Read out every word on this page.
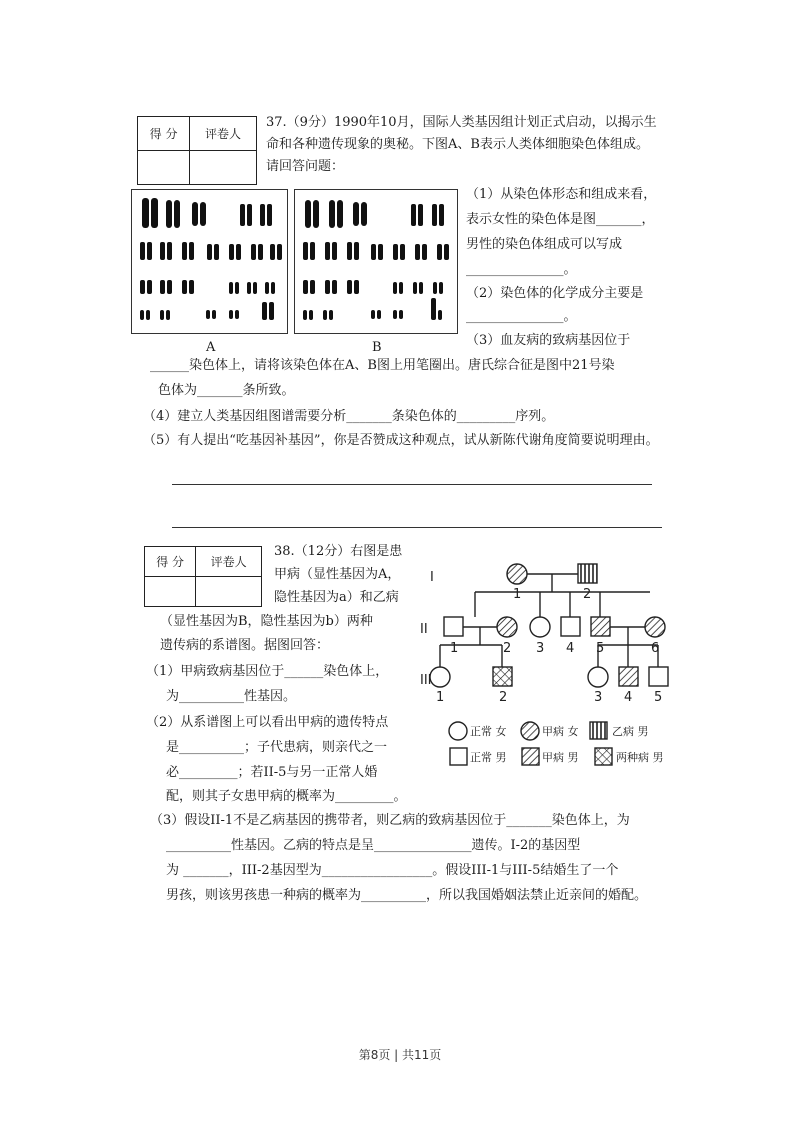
得 分	评卷人

37.（9分）1990年10月，国际人类基因组计划正式启动，以揭示生
命和各种遗传现象的奥秘。下图A、B表示人类体细胞染色体组成。
请回答问题：
A	B
（1）从染色体形态和组成来看，
表示女性的染色体是图_______，
男性的染色体组成可以写成
_______________。
（2）染色体的化学成分主要是
_______________。
（3）血友病的致病基因位于
______染色体上，请将该染色体在A、B图上用笔圈出。唐氏综合征是图中21号染
色体为_______条所致。
（4）建立人类基因组图谱需要分析_______条染色体的_________序列。
（5）有人提出“吃基因补基因”，你是否赞成这种观点，试从新陈代谢角度简要说明理由。
得 分	评卷人

38.（12分）右图是患
甲病（显性基因为A，
隐性基因为a）和乙病
（显性基因为B，隐性基因为b）两种
遗传病的系谱图。据图回答：
（1）甲病致病基因位于______染色体上，
为__________性基因。
（2）从系谱图上可以看出甲病的遗传特点
是__________；子代患病，则亲代之一
必_________；若II-5与另一正常人婚
配，则其子女患甲病的概率为_________。
（3）假设II-1不是乙病基因的携带者，则乙病的致病基因位于_______染色体上，为
__________性基因。乙病的特点是呈_______________遗传。I-2的基因型
为 _______，III-2基因型为_________________。假设III-1与III-5结婚生了一个
男孩，则该男孩患一种病的概率为__________，所以我国婚姻法禁止近亲间的婚配。
I
II
III
1	2
1	2 3 4 5	6
1	2	3 4 5
正常 女	甲病 女	乙病 男
正常 男	甲病 男	两种病 男
第8页 | 共11页
